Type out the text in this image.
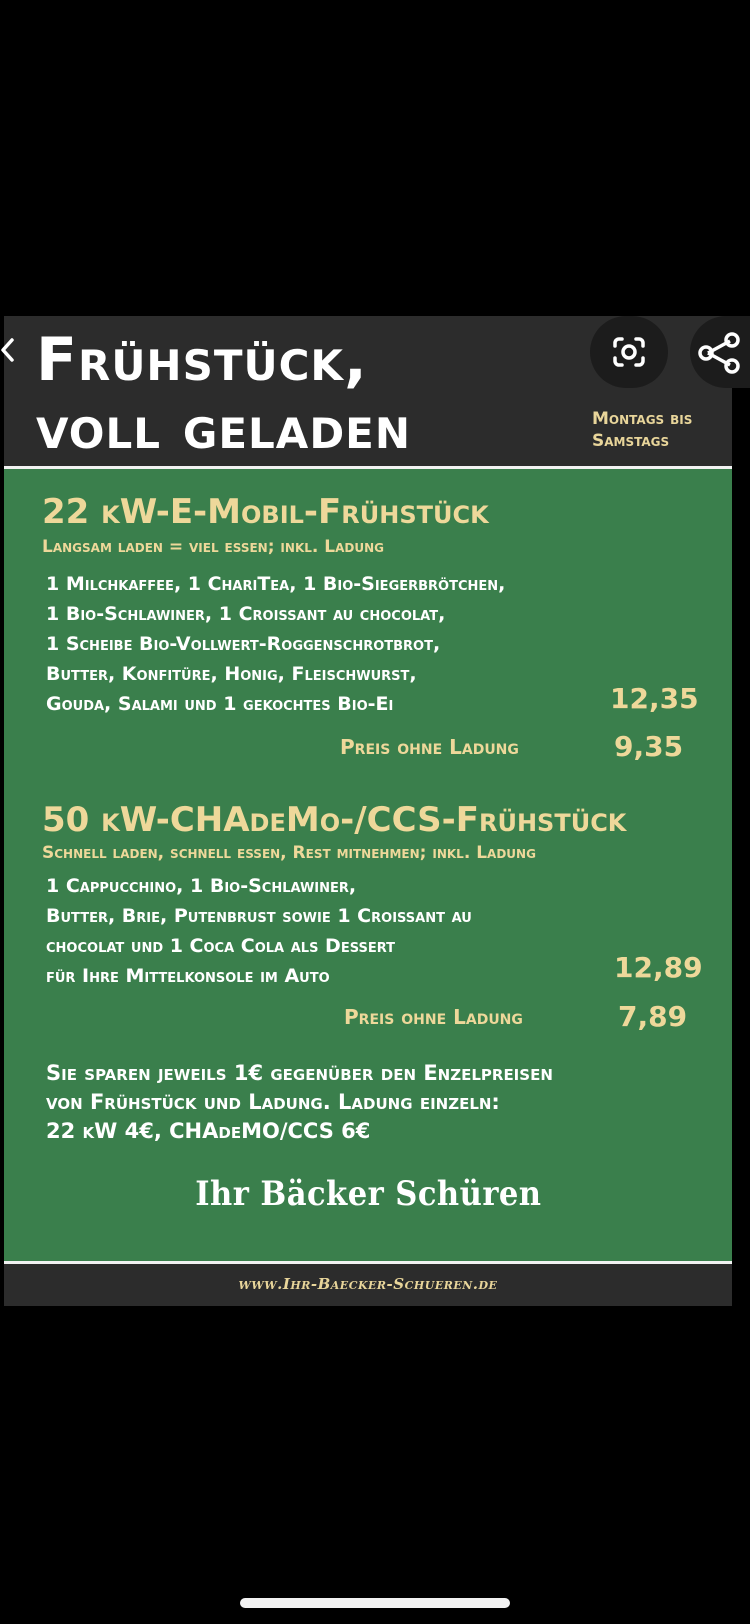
Frühstück,
voll geladen	Montags bis
Samstags
22 kW-E-Mobil-Frühstück
Langsam laden = viel essen; inkl. Ladung
1 Milchkaffee, 1 ChariTea, 1 Bio-Siegerbrötchen,
1 Bio-Schlawiner, 1 Croissant au chocolat,
1 Scheibe Bio-Vollwert-Roggenschrotbrot,
Butter, Konfitüre, Honig, Fleischwurst,
Gouda, Salami und 1 gekochtes Bio-Ei	12,35
Preis ohne Ladung	9,35
50 kW-CHAdeMo-/CCS-Frühstück
Schnell laden, schnell essen, Rest mitnehmen; inkl. Ladung
1 Cappucchino, 1 Bio-Schlawiner,
Butter, Brie, Putenbrust sowie 1 Croissant au
chocolat und 1 Coca Cola als Dessert
für Ihre Mittelkonsole im Auto	12,89
Preis ohne Ladung	7,89
Sie sparen jeweils 1€ gegenüber den Enzelpreisen
von Frühstück und Ladung. Ladung einzeln:
22 kW 4€, CHAdeMO/CCS 6€
Ihr Bäcker Schüren
www.Ihr-Baecker-Schueren.de
